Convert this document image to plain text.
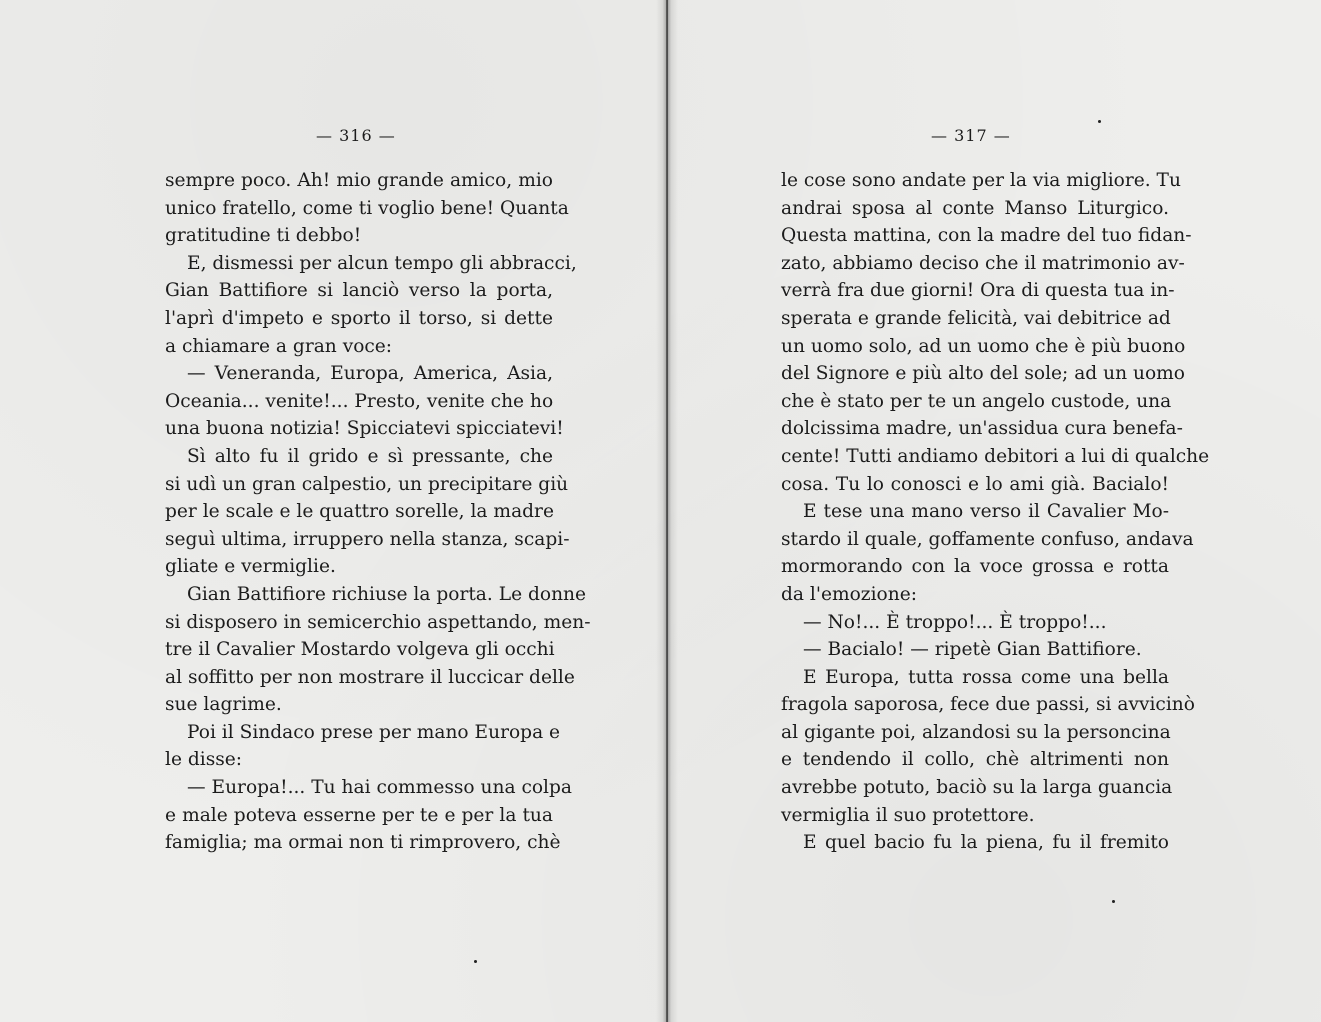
— 316 —
sempre poco. Ah! mio grande amico, mio
unico fratello, come ti voglio bene! Quanta
gratitudine ti debbo!
E, dismessi per alcun tempo gli abbracci,
Gian Battifiore si lanciò verso la porta,
l'aprì d'impeto e sporto il torso, si dette
a chiamare a gran voce:
— Veneranda, Europa, America, Asia,
Oceania... venite!... Presto, venite che ho
una buona notizia! Spicciatevi spicciatevi!
Sì alto fu il grido e sì pressante, che
si udì un gran calpestio, un precipitare giù
per le scale e le quattro sorelle, la madre
seguì ultima, irruppero nella stanza, scapi-
gliate e vermiglie.
Gian Battifiore richiuse la porta. Le donne
si disposero in semicerchio aspettando, men-
tre il Cavalier Mostardo volgeva gli occhi
al soffitto per non mostrare il luccicar delle
sue lagrime.
Poi il Sindaco prese per mano Europa e
le disse:
— Europa!... Tu hai commesso una colpa
e male poteva esserne per te e per la tua
famiglia; ma ormai non ti rimprovero, chè
— 317 —
le cose sono andate per la via migliore. Tu
andrai sposa al conte Manso Liturgico.
Questa mattina, con la madre del tuo fidan-
zato, abbiamo deciso che il matrimonio av-
verrà fra due giorni! Ora di questa tua in-
sperata e grande felicità, vai debitrice ad
un uomo solo, ad un uomo che è più buono
del Signore e più alto del sole; ad un uomo
che è stato per te un angelo custode, una
dolcissima madre, un'assidua cura benefa-
cente! Tutti andiamo debitori a lui di qualche
cosa. Tu lo conosci e lo ami già. Bacialo!
E tese una mano verso il Cavalier Mo-
stardo il quale, goffamente confuso, andava
mormorando con la voce grossa e rotta
da l'emozione:
— No!... È troppo!... È troppo!...
— Bacialo! — ripetè Gian Battifiore.
E Europa, tutta rossa come una bella
fragola saporosa, fece due passi, si avvicinò
al gigante poi, alzandosi su la personcina
e tendendo il collo, chè altrimenti non
avrebbe potuto, baciò su la larga guancia
vermiglia il suo protettore.
E quel bacio fu la piena, fu il fremito
